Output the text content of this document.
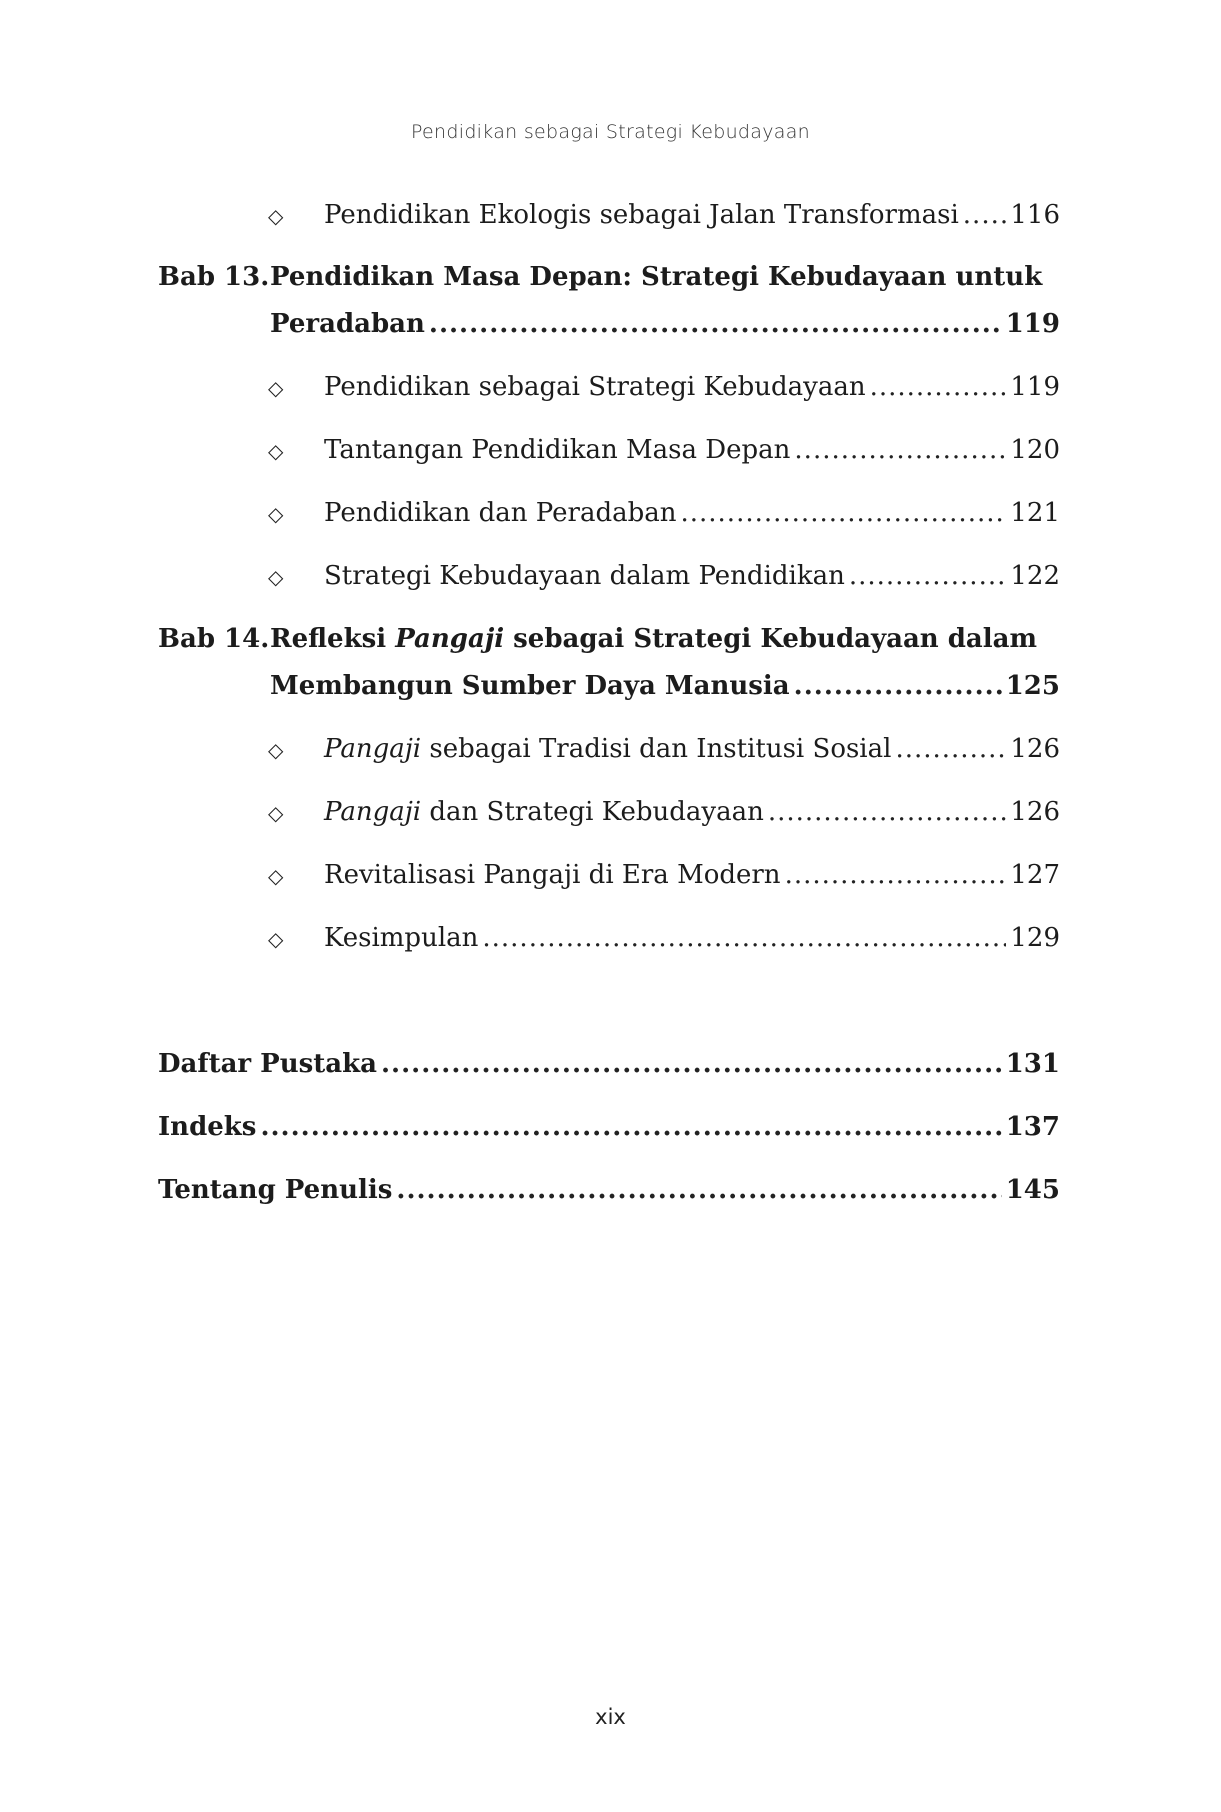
Pendidikan sebagai Strategi Kebudayaan
◇	Pendidikan Ekologis sebagai Jalan Transformasi ..... 116
Bab 13. Pendidikan Masa Depan: Strategi Kebudayaan untuk
Peradaban .....	119
◇	Pendidikan sebagai Strategi Kebudayaan .....	119
◇	Tantangan Pendidikan Masa Depan .....	120
◇	Pendidikan dan Peradaban .....	121
◇	Strategi Kebudayaan dalam Pendidikan .....	122
Bab 14. Refleksi Pangaji sebagai Strategi Kebudayaan dalam
Membangun Sumber Daya Manusia .....	125
◇	Pangaji sebagai Tradisi dan Institusi Sosial .....	126
◇	Pangaji dan Strategi Kebudayaan .....	126
◇	Revitalisasi Pangaji di Era Modern .....	127
◇	Kesimpulan .....	129
Daftar Pustaka .....	131
Indeks .....	137
Tentang Penulis .....	145
xix
